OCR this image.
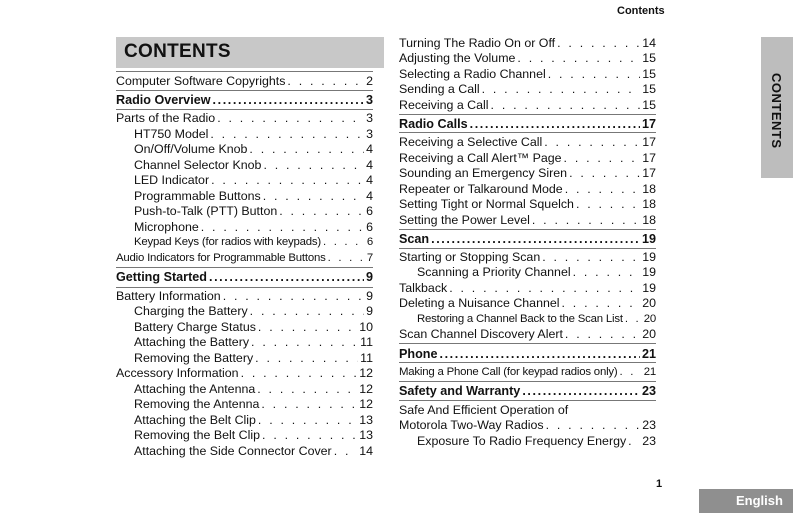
Contents
CONTENTS
Computer Software Copyrights . . .	2
Radio Overview .....	3
Parts of the Radio . . .	3
HT750 Model . . .	3
On/Off/Volume Knob . . .	4
Channel Selector Knob . . .	4
LED Indicator . . .	4
Programmable Buttons . . .	4
Push-to-Talk (PTT) Button . . .	6
Microphone . . .	6
Keypad Keys (for radios with keypads) . . .	6
Audio Indicators for Programmable Buttons . . .	7
Getting Started .....	9
Battery Information . . .	9
Charging the Battery . . .	9
Battery Charge Status . . .	10
Attaching the Battery . . .	11
Removing the Battery . . .	11
Accessory Information . . .	12
Attaching the Antenna . . .	12
Removing the Antenna . . .	12
Attaching the Belt Clip . . .	13
Removing the Belt Clip . . .	13
Attaching the Side Connector Cover . . . 14
Turning The Radio On or Off . . .	14
Adjusting the Volume . . .	15
Selecting a Radio Channel . . .	15
Sending a Call . . .	15
Receiving a Call . . .	15
Radio Calls .....	17
Receiving a Selective Call . . .	17
Receiving a Call Alert™ Page . . .	17
Sounding an Emergency Siren . . .	17
Repeater or Talkaround Mode . . .	18
Setting Tight or Normal Squelch . . .	18
Setting the Power Level . . .	18
Scan .....	19
Starting or Stopping Scan . . .	19
Scanning a Priority Channel . . .	19
Talkback . . .	19
Deleting a Nuisance Channel . . .	20
Restoring a Channel Back to the Scan List . . . 20
Scan Channel Discovery Alert . . .	20
Phone .....	21
Making a Phone Call (for keypad radios only) . . . 21
Safety and Warranty .....	23
Safe And Efficient Operation of
Motorola Two-Way Radios . . .	23
Exposure To Radio Frequency Energy . . . 23
CONTENTS
1
English
